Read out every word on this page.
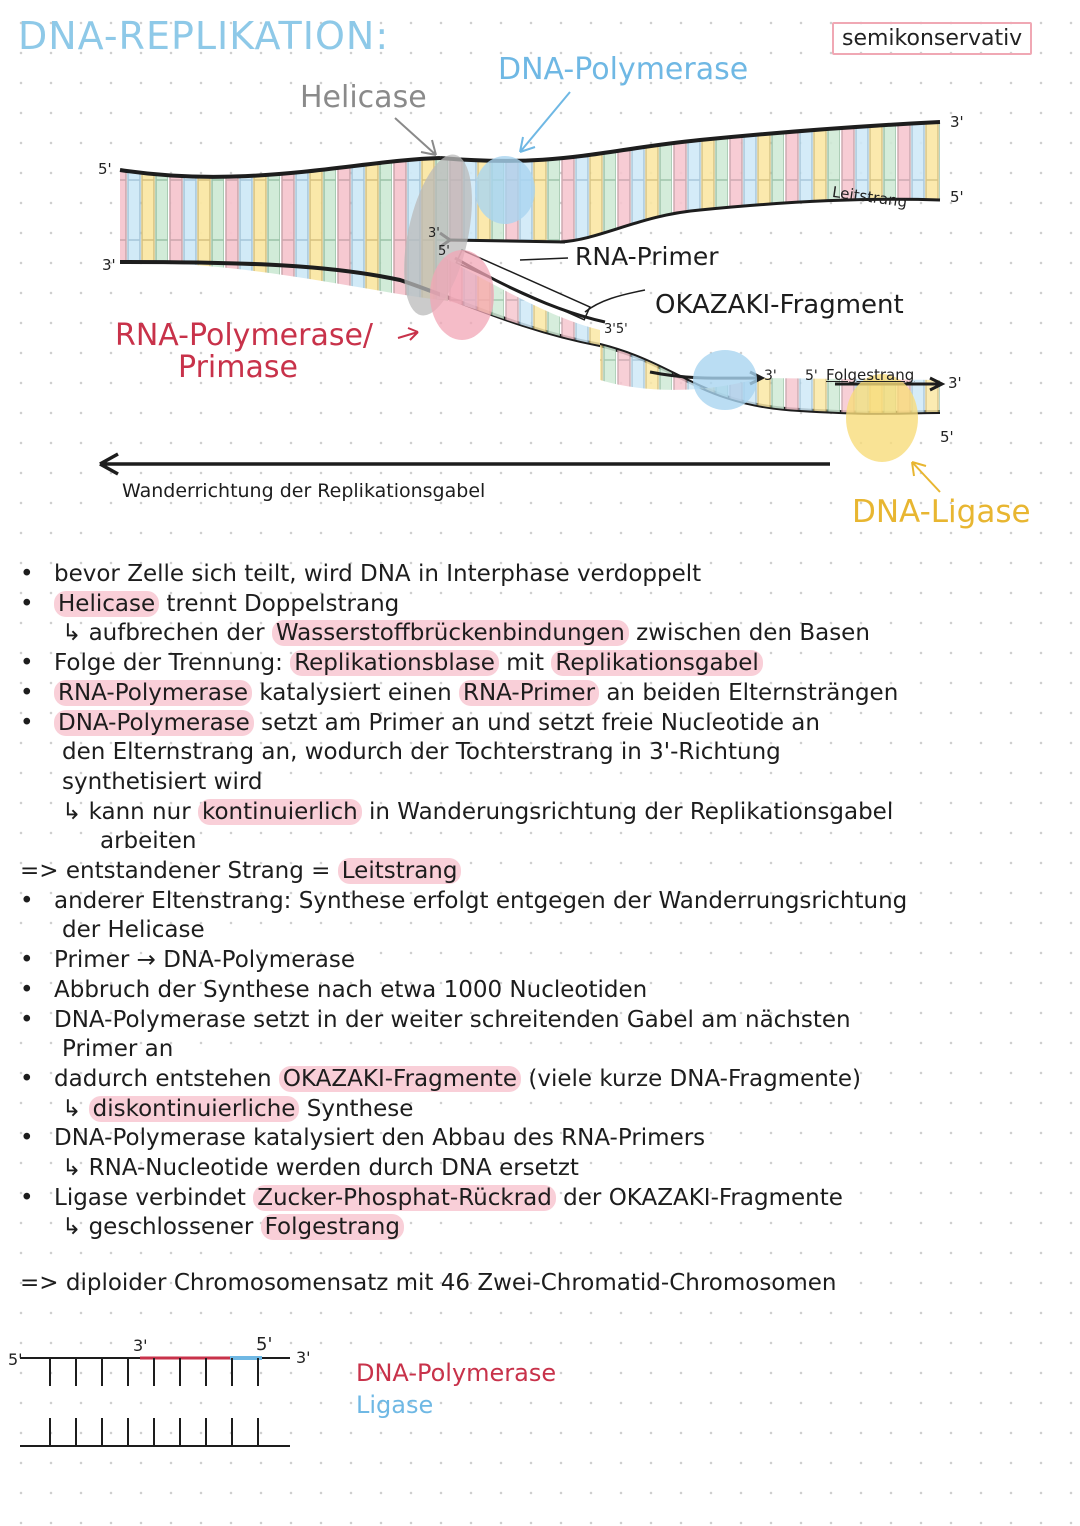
DNA-REPLIKATION:	semikonservativ
Helicase
DNA-Polymerase
Leitstrang
RNA-Primer
OKAZAKI-Fragment
RNA-Polymerase/
Primase	Folgestrang
Wanderrichtung der Replikationsgabel
DNA-Ligase
5'
3'
3'
5'
3'
5'
3'5'
3' 5'	3'
5'
• bevor Zelle sich teilt, wird DNA in Interphase verdoppelt
• Helicase trennt Doppelstrang
↳ aufbrechen der Wasserstoffbrückenbindungen zwischen den Basen
• Folge der Trennung: Replikationsblase mit Replikationsgabel
• RNA-Polymerase katalysiert einen RNA-Primer an beiden Elternsträngen
• DNA-Polymerase setzt am Primer an und setzt freie Nucleotide an
den Elternstrang an, wodurch der Tochterstrang in 3'-Richtung
synthetisiert wird
↳ kann nur kontinuierlich in Wanderungsrichtung der Replikationsgabel
arbeiten
=> entstandener Strang = Leitstrang
• anderer Eltenstrang: Synthese erfolgt entgegen der Wanderrungsrichtung
der Helicase
• Primer → DNA-Polymerase
• Abbruch der Synthese nach etwa 1000 Nucleotiden
• DNA-Polymerase setzt in der weiter schreitenden Gabel am nächsten
Primer an
• dadurch entstehen OKAZAKI-Fragmente (viele kurze DNA-Fragmente)
↳ diskontinuierliche Synthese
• DNA-Polymerase katalysiert den Abbau des RNA-Primers
↳ RNA-Nucleotide werden durch DNA ersetzt
• Ligase verbindet Zucker-Phosphat-Rückrad der OKAZAKI-Fragmente
↳ geschlossener Folgestrang
=> diploider Chromosomensatz mit 46 Zwei-Chromatid-Chromosomen
5'
3'	5'
3'
DNA-Polymerase
Ligase
